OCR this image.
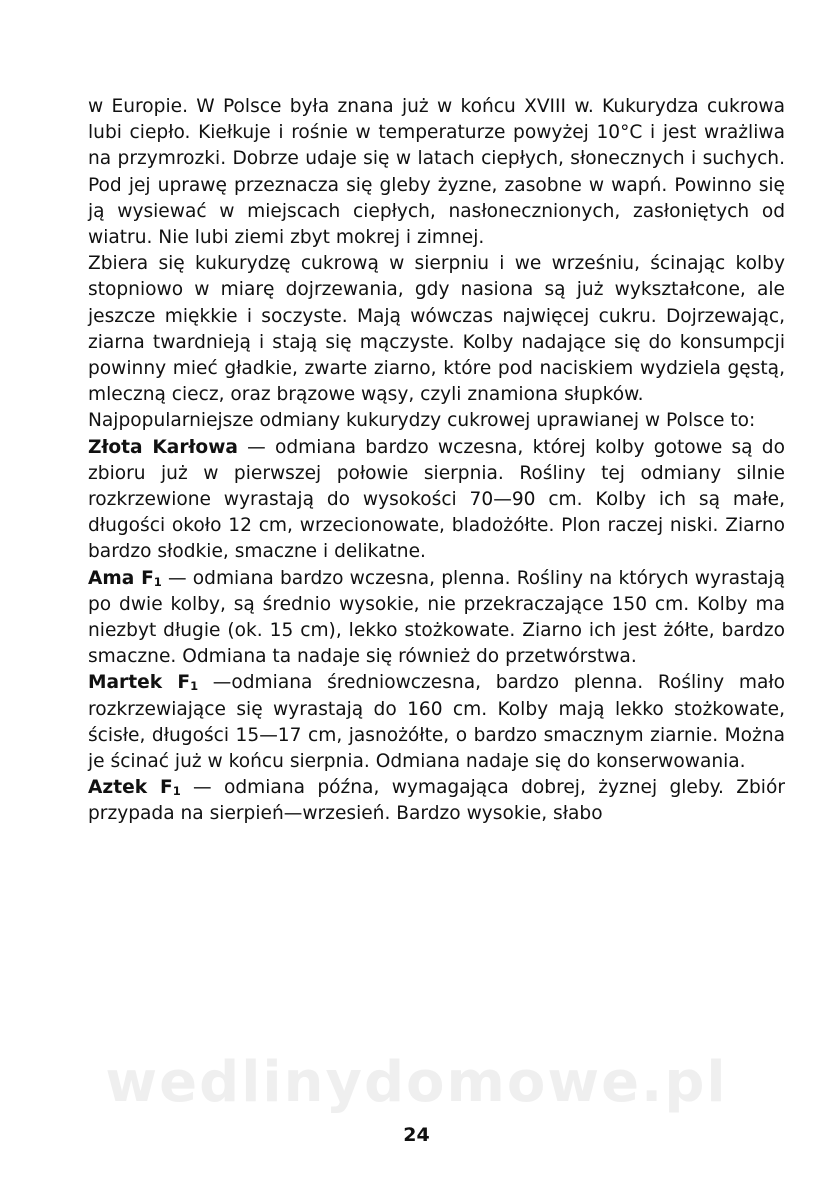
w Europie. W Polsce była znana już w końcu XVIII w. Kukurydza cukrowa lubi ciepło. Kiełkuje i rośnie w temperaturze powyżej 10°C i jest wrażliwa na przymrozki. Dobrze udaje się w latach ciepłych, słonecznych i suchych. Pod jej uprawę przeznacza się gleby żyzne, zasobne w wapń. Powinno się ją wysiewać w miejscach ciepłych, nasłonecznionych, zasłoniętych od wiatru. Nie lubi ziemi zbyt mokrej i zimnej.

Zbiera się kukurydzę cukrową w sierpniu i we wrześniu, ścinając kolby stopniowo w miarę dojrzewania, gdy nasiona są już wykształcone, ale jeszcze miękkie i soczyste. Mają wówczas najwięcej cukru. Dojrzewając, ziarna twardnieją i stają się mączyste. Kolby nadające się do konsumpcji powinny mieć gładkie, zwarte ziarno, które pod naciskiem wydziela gęstą, mleczną ciecz, oraz brązowe wąsy, czyli znamiona słupków.

Najpopularniejsze odmiany kukurydzy cukrowej uprawianej w Polsce to:

Złota Karłowa — odmiana bardzo wczesna, której kolby gotowe są do zbioru już w pierwszej połowie sierpnia. Rośliny tej odmiany silnie rozkrzewione wyrastają do wysokości 70—90 cm. Kolby ich są małe, długości około 12 cm, wrzecionowate, bladożółte. Plon raczej niski. Ziarno bardzo słodkie, smaczne i delikatne.

Ama $F_1$ — odmiana bardzo wczesna, plenna. Rośliny na których wyrastają po dwie kolby, są średnio wysokie, nie przekraczające 150 cm. Kolby ma niezbyt długie (ok. 15 cm), lekko stożkowate. Ziarno ich jest żółte, bardzo smaczne. Odmiana ta nadaje się również do przetwórstwa.

Martek $F_1$ —odmiana średniowczesna, bardzo plenna. Rośliny mało rozkrzewiające się wyrastają do 160 cm. Kolby mają lekko stożkowate, ścisłe, długości 15—17 cm, jasnożółte, o bardzo smacznym ziarnie. Można je ścinać już w końcu sierpnia. Odmiana nadaje się do konserwowania.

Aztek $F_1$ — odmiana późna, wymagająca dobrej, żyznej gleby. Zbiór przypada na sierpień—wrzesień. Bardzo wysokie, słabo

wedlinydomowe.pl
24
